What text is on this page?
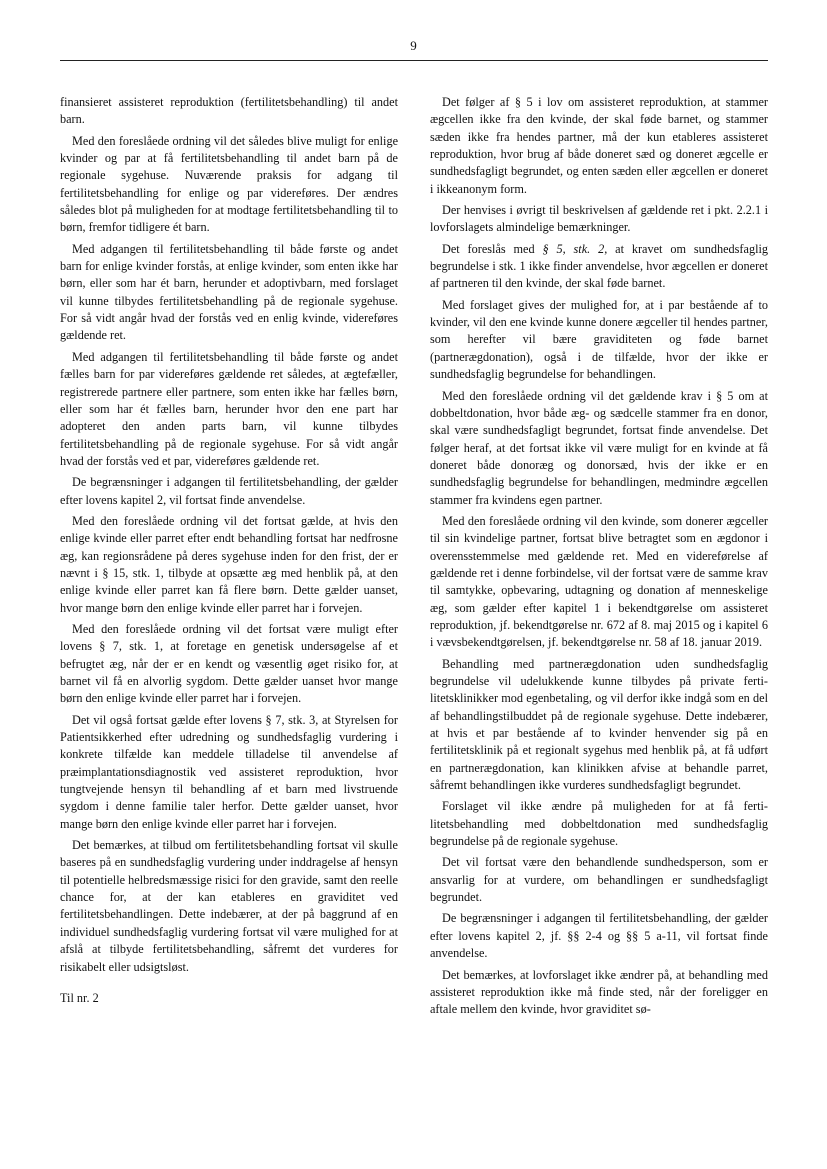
9

finansieret assisteret reproduktion (fertilitetsbehandling) til andet barn.

Med den foreslåede ordning vil det således blive muligt for enlige kvinder og par at få fertilitetsbehandling til andet barn på de regionale sygehuse. Nuværende praksis for adgang til fertilitetsbehandling for enlige og par videreføres. Der ændres således blot på muligheden for at modtage fertilitetsbehandling til to børn, fremfor tidligere ét barn.

Med adgangen til fertilitetsbehandling til både første og andet barn for enlige kvinder forstås, at enlige kvinder, som enten ikke har børn, eller som har ét barn, herunder et adoptivbarn, med forslaget vil kunne tilbydes fertilitetsbehandling på de regionale sygehuse. For så vidt angår hvad der forstås ved en enlig kvinde, videreføres gældende ret.

Med adgangen til fertilitetsbehandling til både første og andet fælles barn for par videreføres gældende ret således, at ægtefæller, registrerede partnere eller partnere, som enten ikke har fælles børn, eller som har ét fælles barn, herunder hvor den ene part har adopteret den anden parts barn, vil kunne tilbydes fertilitetsbehandling på de regionale sygehuse. For så vidt angår hvad der forstås ved et par, videreføres gældende ret.

De begrænsninger i adgangen til fertilitetsbehandling, der gælder efter lovens kapitel 2, vil fortsat finde anvendelse.

Med den foreslåede ordning vil det fortsat gælde, at hvis den enlige kvinde eller parret efter endt behandling fortsat har nedfrosne æg, kan regionsrådene på deres sygehuse inden for den frist, der er nævnt i § 15, stk. 1, tilbyde at opsætte æg med henblik på, at den enlige kvinde eller parret kan få flere børn. Dette gælder uanset, hvor mange børn den enlige kvinde eller parret har i forvejen.

Med den foreslåede ordning vil det fortsat være muligt efter lovens § 7, stk. 1, at foretage en genetisk undersøgelse af et befrugtet æg, når der er en kendt og væsentlig øget risiko for, at barnet vil få en alvorlig sygdom. Dette gælder uanset hvor mange børn den enlige kvinde eller parret har i forvejen.

Det vil også fortsat gælde efter lovens § 7, stk. 3, at Styrelsen for Patientsikkerhed efter udredning og sundhedsfaglig vurdering i konkrete tilfælde kan meddele tilladelse til anvendelse af præimplantationsdiagnostik ved assisteret reproduktion, hvor tungtvejende hensyn til behandling af et barn med livstruende sygdom i denne familie taler herfor. Dette gælder uanset, hvor mange børn den enlige kvinde eller parret har i forvejen.

Det bemærkes, at tilbud om fertilitetsbehandling fortsat vil skulle baseres på en sundhedsfaglig vurdering under inddragelse af hensyn til potentielle helbredsmæssige risici for den gravide, samt den reelle chance for, at der kan etableres en graviditet ved fertilitetsbehandlingen. Dette indebærer, at der på baggrund af en individuel sundhedsfaglig vurdering fortsat vil være mulighed for at afslå at tilbyde fertilitetsbehandling, såfremt det vurderes for risikabelt eller udsigtsløst.

Til nr. 2

Det følger af § 5 i lov om assisteret reproduktion, at stammer ægcellen ikke fra den kvinde, der skal føde barnet, og stammer sæden ikke fra hendes partner, må der kun etableres assisteret reproduktion, hvor brug af både doneret sæd og doneret ægcelle er sundhedsfagligt begrundet, og enten sæden eller ægcellen er doneret i ikkeanonym form.

Der henvises i øvrigt til beskrivelsen af gældende ret i pkt. 2.2.1 i lovforslagets almindelige bemærkninger.

Det foreslås med § 5, stk. 2, at kravet om sundhedsfaglig begrundelse i stk. 1 ikke finder anvendelse, hvor ægcellen er doneret af partneren til den kvinde, der skal føde barnet.

Med forslaget gives der mulighed for, at i par bestående af to kvinder, vil den ene kvinde kunne donere ægceller til hendes partner, som herefter vil bære graviditeten og føde barnet (partnerægdonation), også i de tilfælde, hvor der ikke er sundhedsfaglig begrundelse for behandlingen.

Med den foreslåede ordning vil det gældende krav i § 5 om at dobbeltdonation, hvor både æg- og sædcelle stammer fra en donor, skal være sundhedsfagligt begrundet, fortsat finde anvendelse. Det følger heraf, at det fortsat ikke vil være muligt for en kvinde at få doneret både donoræg og donorsæd, hvis der ikke er en sundhedsfaglig begrundelse for behandlingen, medmindre ægcellen stammer fra kvindens egen partner.

Med den foreslåede ordning vil den kvinde, som donerer ægceller til sin kvindelige partner, fortsat blive betragtet som en ægdonor i overensstemmelse med gældende ret. Med en videreførelse af gældende ret i denne forbindelse, vil der fortsat være de samme krav til samtykke, opbevaring, udtagning og donation af menneskelige æg, som gælder efter kapitel 1 i bekendtgørelse om assisteret reproduktion, jf. bekendtgørelse nr. 672 af 8. maj 2015 og i kapitel 6 i vævsbekendtgørelsen, jf. bekendtgørelse nr. 58 af 18. januar 2019.

Behandling med partnerægdonation uden sundhedsfaglig begrundelse vil udelukkende kunne tilbydes på private fertilitetsklinikker mod egenbetaling, og vil derfor ikke indgå som en del af behandlingstilbuddet på de regionale sygehuse. Dette indebærer, at hvis et par bestående af to kvinder henvender sig på en fertilitetsklinik på et regionalt sygehus med henblik på, at få udført en partnerægdonation, kan klinikken afvise at behandle parret, såfremt behandlingen ikke vurderes sundhedsfagligt begrundet.

Forslaget vil ikke ændre på muligheden for at få fertilitetsbehandling med dobbeltdonation med sundhedsfaglig begrundelse på de regionale sygehuse.

Det vil fortsat være den behandlende sundhedsperson, som er ansvarlig for at vurdere, om behandlingen er sundhedsfagligt begrundet.

De begrænsninger i adgangen til fertilitetsbehandling, der gælder efter lovens kapitel 2, jf. §§ 2-4 og §§ 5 a-11, vil fortsat finde anvendelse.

Det bemærkes, at lovforslaget ikke ændrer på, at behandling med assisteret reproduktion ikke må finde sted, når der foreligger en aftale mellem den kvinde, hvor graviditet sø-
